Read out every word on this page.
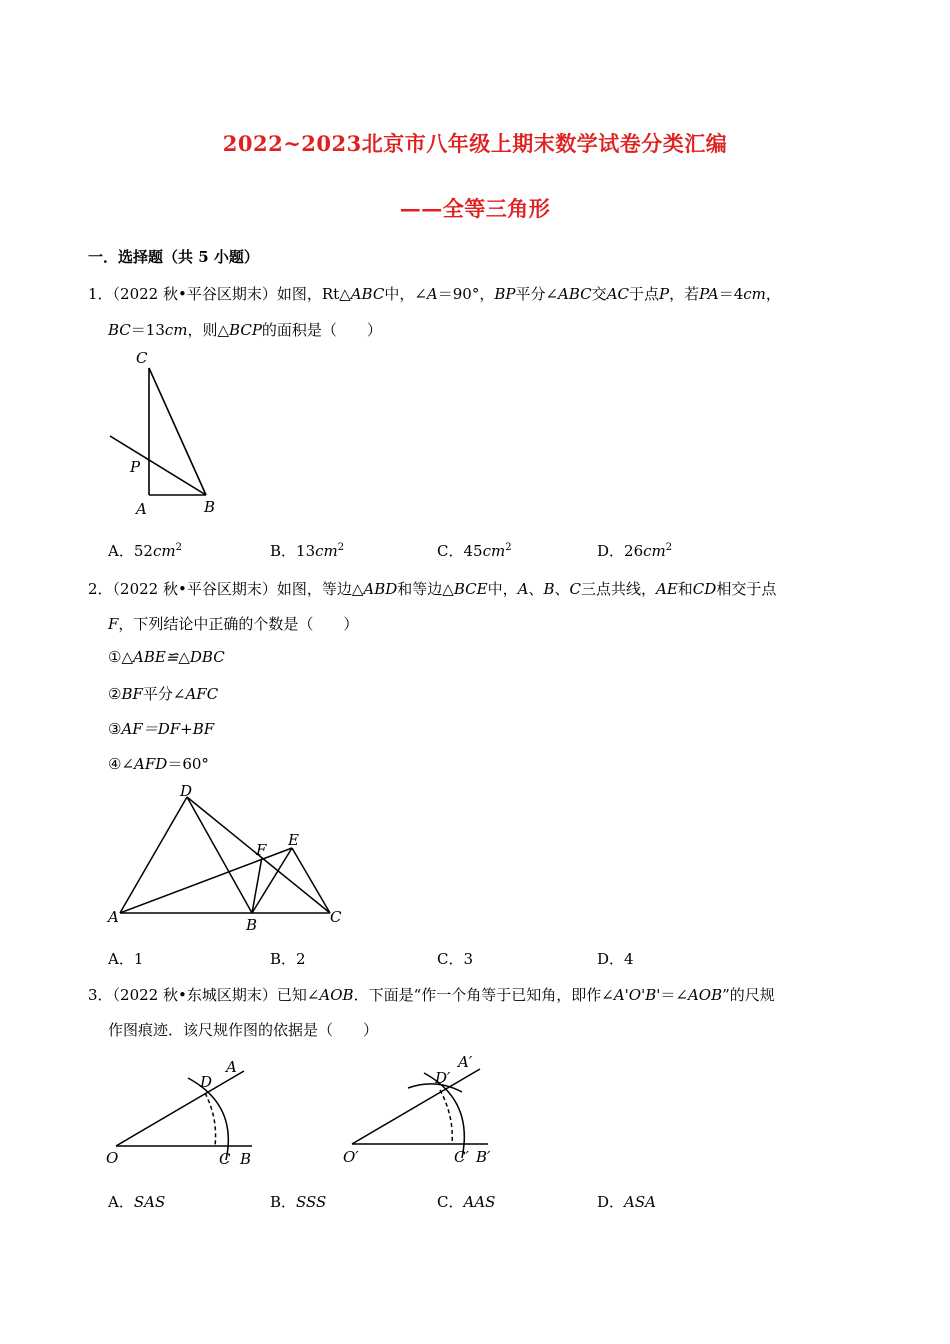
2022~2023北京市八年级上期末数学试卷分类汇编
——全等三角形
一．选择题（共 5 小题）
1．（2022 秋•平谷区期末）如图，Rt△ABC中，∠A＝90°，BP平分∠ABC交AC于点P，若PA＝4cm，
BC＝13cm，则△BCP的面积是（　　）
C
P
A	B
A．$52cm^2$	B．$13cm^2$	C．$45cm^2$	D．$26cm^2$
2．（2022 秋•平谷区期末）如图，等边△ABD和等边△BCE中，A、B、C三点共线，AE和CD相交于点
F，下列结论中正确的个数是（　　）
①△ABE≌△DBC
②BF平分∠AFC
③AF＝DF+BF
④∠AFD＝60°
D
F
E
A	B	C
A．1	B．2	C．3	D．4
3．（2022 秋•东城区期末）已知∠AOB．下面是“作一个角等于已知角，即作∠A'O'B'＝∠AOB”的尺规
作图痕迹．该尺规作图的依据是（　　）
A
D
O	C B
A′
D′
O′	C′ B′
A．SAS	B．SSS	C．AAS	D．ASA
